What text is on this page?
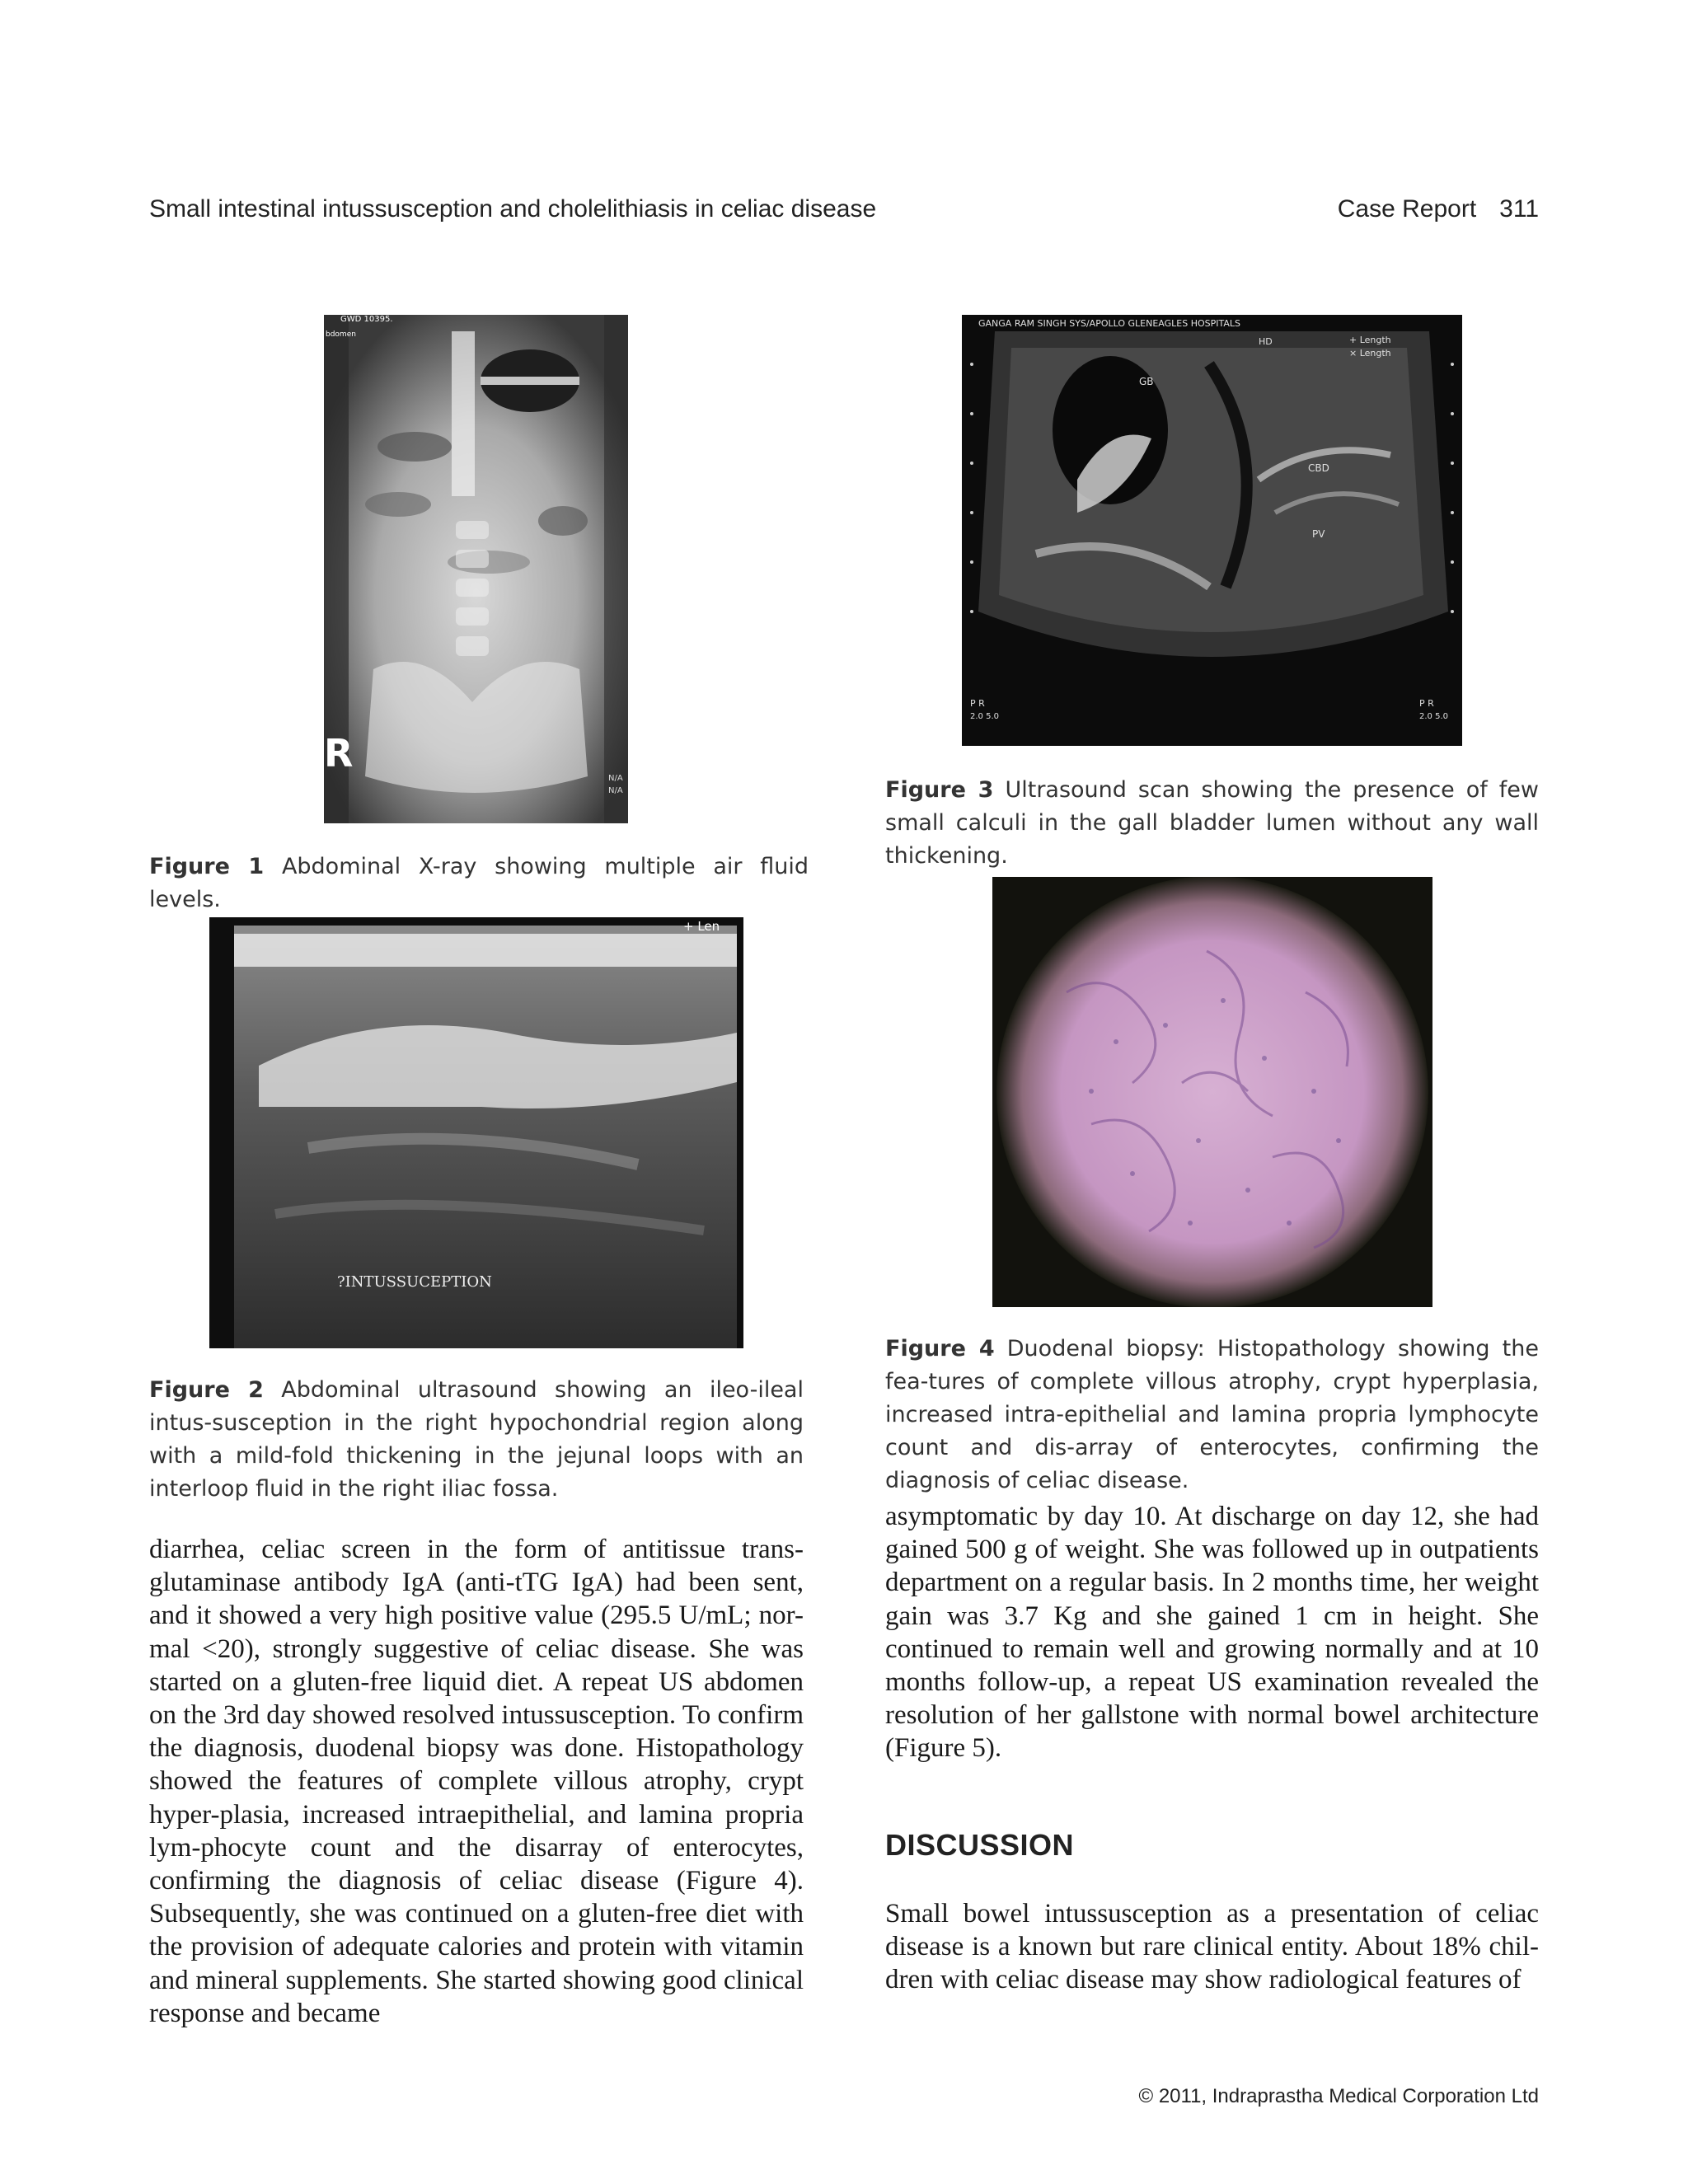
Small intestinal intussusception and cholelithiasis in celiac disease	Case Report 311
GWD 10395.
bdomen
R
N/A
N/A
Figure 1 Abdominal X-ray showing multiple air fluid levels.
GANGA RAM SINGH SYS/APOLLO GLENEAGLES HOSPITALS
HD	+ Length
× Length
GB
CBD
PV
P R
2.0 5.0
P R
2.0 5.0
Figure 3 Ultrasound scan showing the presence of few small calculi in the gall bladder lumen without any wall thickening.
+ Len
?INTUSSUCEPTION
Figure 2 Abdominal ultrasound showing an ileo-ileal intus-susception in the right hypochondrial region along with a mild-fold thickening in the jejunal loops with an interloop fluid in the right iliac fossa.
Figure 4 Duodenal biopsy: Histopathology showing the fea-tures of complete villous atrophy, crypt hyperplasia, increased intra-epithelial and lamina propria lymphocyte count and dis-array of enterocytes, confirming the diagnosis of celiac disease.
diarrhea, celiac screen in the form of antitissue trans-glutaminase antibody IgA (anti-tTG IgA) had been sent, and it showed a very high positive value (295.5 U/mL; nor-mal <20), strongly suggestive of celiac disease. She was started on a gluten-free liquid diet. A repeat US abdomen on the 3rd day showed resolved intussusception. To confirm the diagnosis, duodenal biopsy was done. Histopathology showed the features of complete villous atrophy, crypt hyper-plasia, increased intraepithelial, and lamina propria lym-phocyte count and the disarray of enterocytes, confirming the diagnosis of celiac disease (Figure 4). Subsequently, she was continued on a gluten-free diet with the provision of adequate calories and protein with vitamin and mineral supplements. She started showing good clinical response and became
asymptomatic by day 10. At discharge on day 12, she had gained 500 g of weight. She was followed up in outpatients department on a regular basis. In 2 months time, her weight gain was 3.7 Kg and she gained 1 cm in height. She continued to remain well and growing normally and at 10 months follow-up, a repeat US examination revealed the resolution of her gallstone with normal bowel architecture (Figure 5).
DISCUSSION
Small bowel intussusception as a presentation of celiac disease is a known but rare clinical entity. About 18% chil-dren with celiac disease may show radiological features of
© 2011, Indraprastha Medical Corporation Ltd
